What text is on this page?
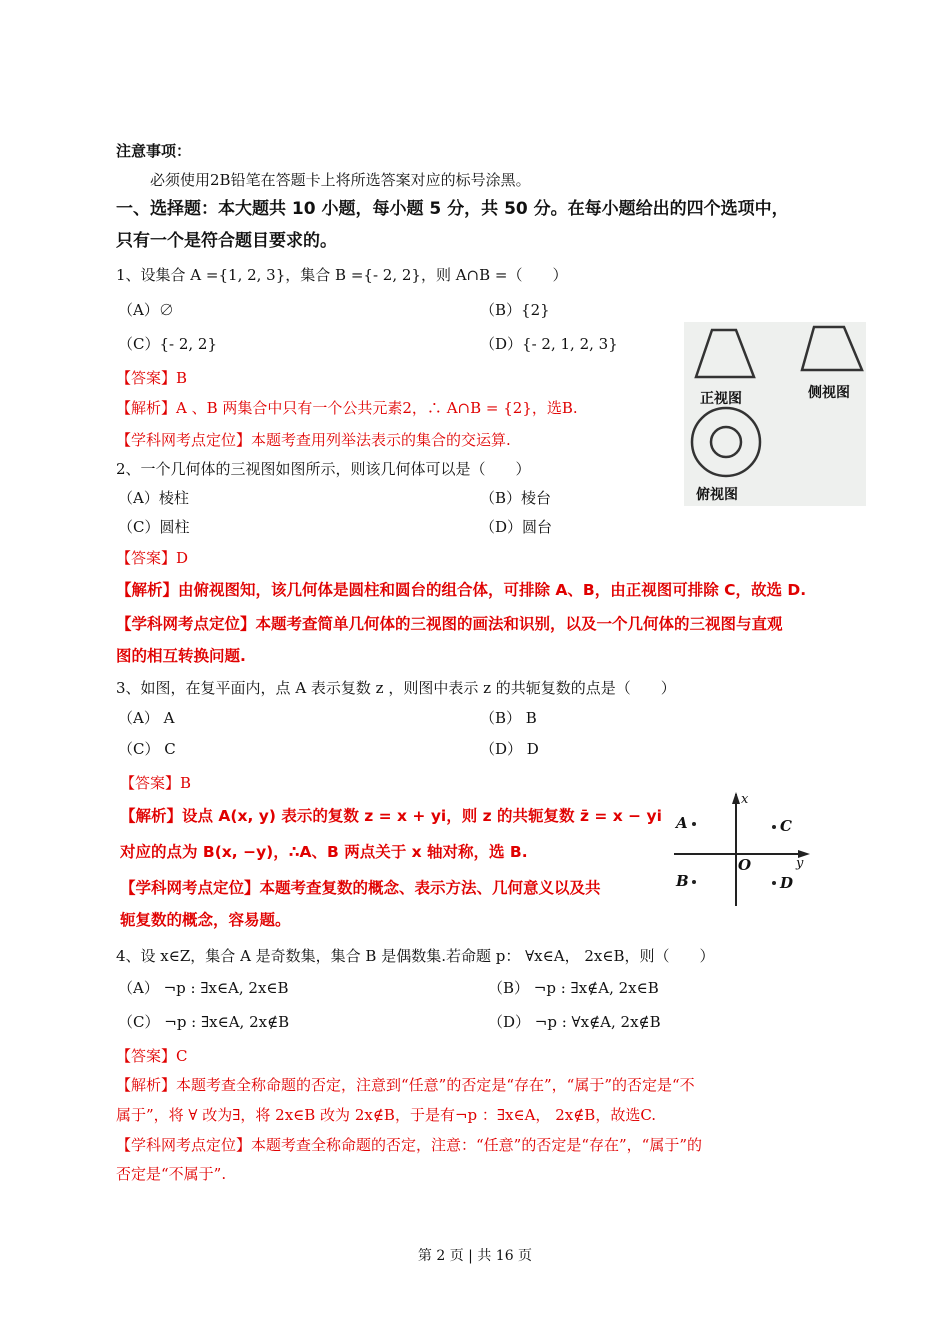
注意事项：
必须使用2B铅笔在答题卡上将所选答案对应的标号涂黑。
一、选择题：本大题共 10 小题，每小题 5 分，共 50 分。在每小题给出的四个选项中，
只有一个是符合题目要求的。
1、设集合 A ={1, 2, 3}，集合 B ={- 2, 2}，则 A∩B =（　　）
（A）∅	（B）{2}
（C）{- 2, 2}	（D）{- 2, 1, 2, 3}
【答案】B
【解析】A 、B 两集合中只有一个公共元素2，∴ A∩B = {2}，选B.
【学科网考点定位】本题考查用列举法表示的集合的交运算.
正视图	侧视图
俯视图
2、一个几何体的三视图如图所示，则该几何体可以是（　　）
（A）棱柱	（B）棱台
（C）圆柱	（D）圆台
【答案】D
【解析】由俯视图知，该几何体是圆柱和圆台的组合体，可排除 A、B，由正视图可排除 C，故选 D.
【学科网考点定位】本题考查简单几何体的三视图的画法和识别，以及一个几何体的三视图与直观
图的相互转换问题.
3、如图，在复平面内，点 A 表示复数 z ，则图中表示 z 的共轭复数的点是（　　）
（A） A	（B） B
（C） C	（D） D
【答案】B
【解析】设点 A(x, y) 表示的复数 z = x + yi，则 z 的共轭复数 z̄ = x − yi
对应的点为 B(x, −y)，∴A、B 两点关于 x 轴对称，选 B.
【学科网考点定位】本题考查复数的概念、表示方法、几何意义以及共
轭复数的概念，容易题。
x
y
O
A	C
B	D
4、设 x∈Z，集合 A 是奇数集，集合 B 是偶数集.若命题 p： ∀x∈A， 2x∈B，则（　　）
（A） ¬p : ∃x∈A, 2x∈B	（B） ¬p : ∃x∉A, 2x∈B
（C） ¬p : ∃x∈A, 2x∉B	（D） ¬p : ∀x∉A, 2x∉B
【答案】C
【解析】本题考查全称命题的否定，注意到“任意”的否定是“存在”，“属于”的否定是“不
属于”，将 ∀ 改为∃，将 2x∈B 改为 2x∉B，于是有¬p ：∃x∈A， 2x∉B，故选C.
【学科网考点定位】本题考查全称命题的否定，注意：“任意”的否定是“存在”，“属于”的
否定是“不属于”.
第 2 页 | 共 16 页
